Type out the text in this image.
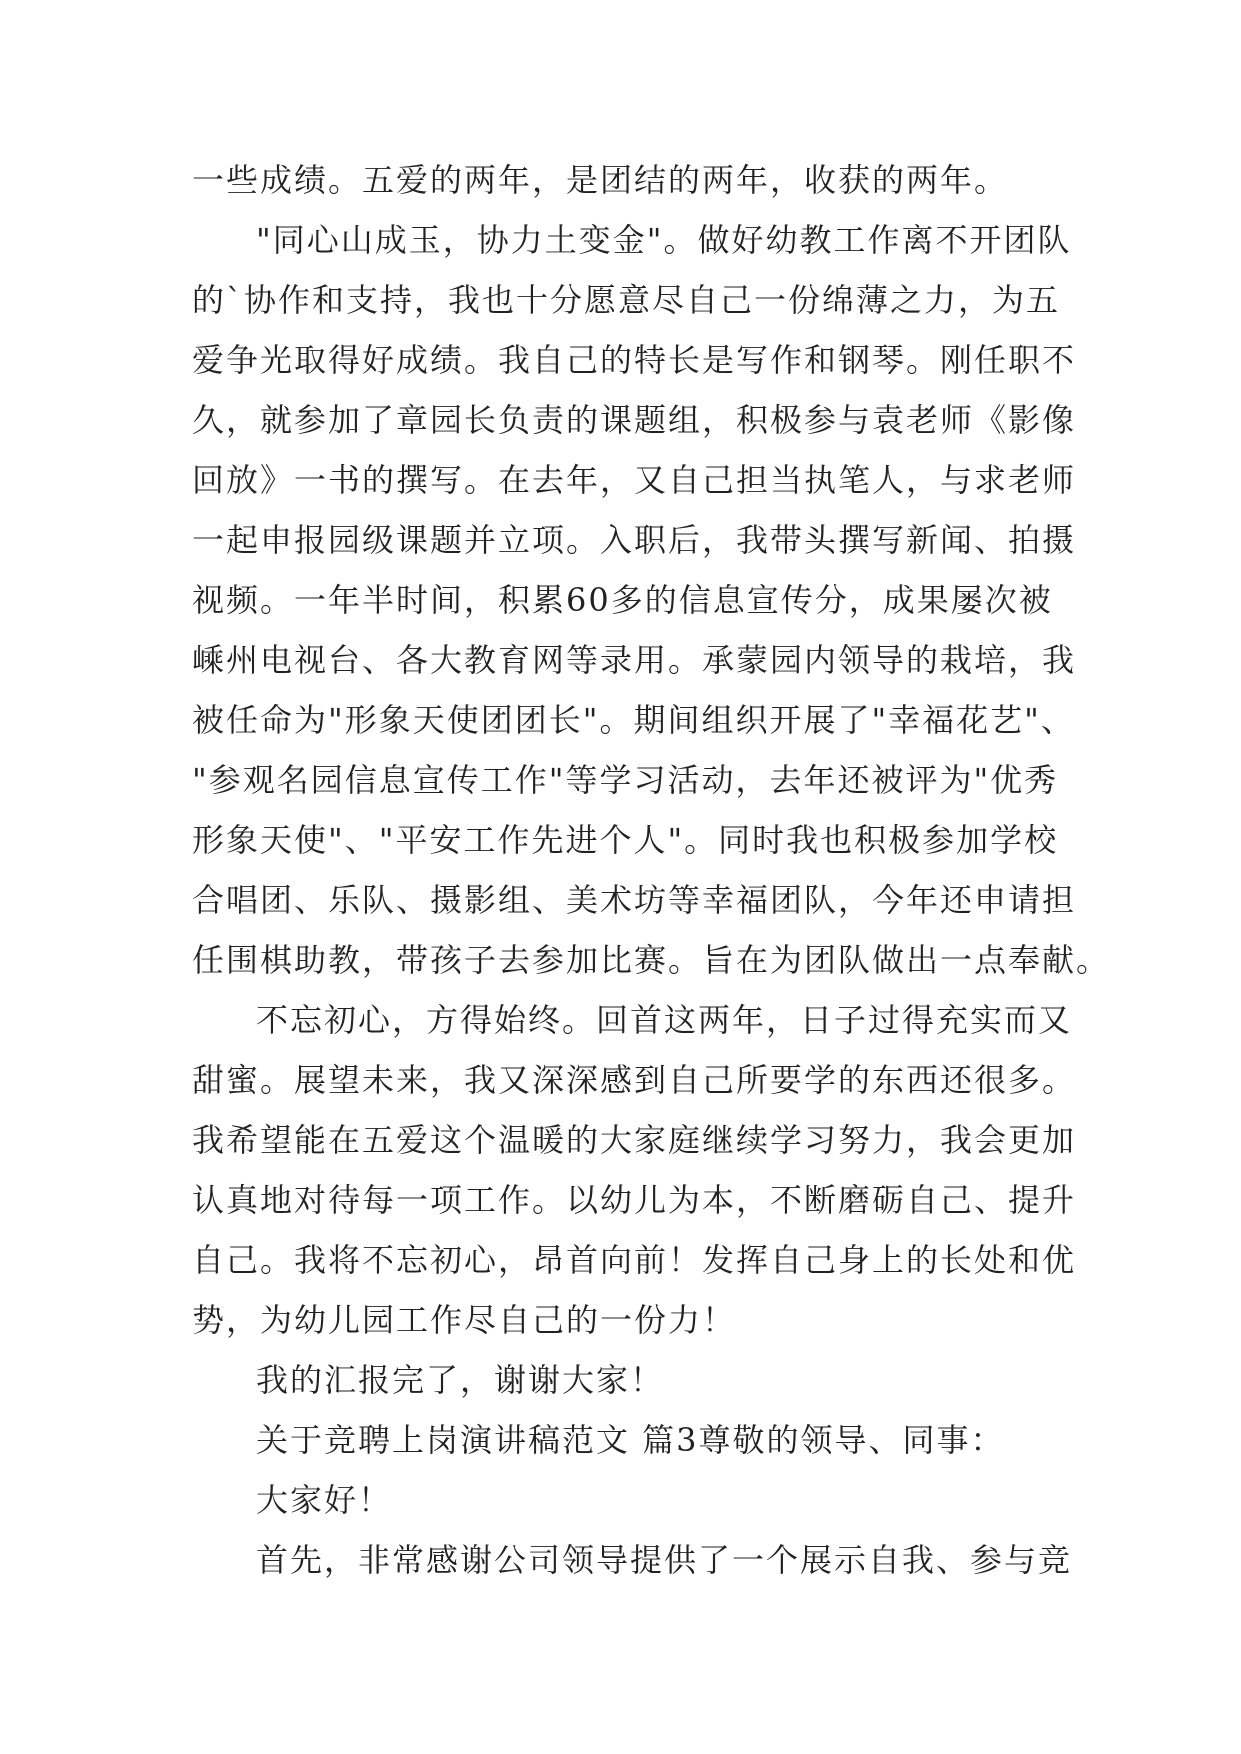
一些成绩。五爱的两年，是团结的两年，收获的两年。
"同心山成玉，协力土变金"。做好幼教工作离不开团队
的`协作和支持，我也十分愿意尽自己一份绵薄之力，为五
爱争光取得好成绩。我自己的特长是写作和钢琴。刚任职不
久，就参加了章园长负责的课题组，积极参与袁老师《影像
回放》一书的撰写。在去年，又自己担当执笔人，与求老师
一起申报园级课题并立项。入职后，我带头撰写新闻、拍摄
视频。一年半时间，积累60多的信息宣传分，成果屡次被
嵊州电视台、各大教育网等录用。承蒙园内领导的栽培，我
被任命为"形象天使团团长"。期间组织开展了"幸福花艺"、
"参观名园信息宣传工作"等学习活动，去年还被评为"优秀
形象天使"、"平安工作先进个人"。同时我也积极参加学校
合唱团、乐队、摄影组、美术坊等幸福团队，今年还申请担
任围棋助教，带孩子去参加比赛。旨在为团队做出一点奉献。
不忘初心，方得始终。回首这两年，日子过得充实而又
甜蜜。展望未来，我又深深感到自己所要学的东西还很多。
我希望能在五爱这个温暖的大家庭继续学习努力，我会更加
认真地对待每一项工作。以幼儿为本，不断磨砺自己、提升
自己。我将不忘初心，昂首向前！发挥自己身上的长处和优
势，为幼儿园工作尽自己的一份力！
我的汇报完了，谢谢大家！
关于竞聘上岗演讲稿范文 篇3尊敬的领导、同事：
大家好！
首先，非常感谢公司领导提供了一个展示自我、参与竞
